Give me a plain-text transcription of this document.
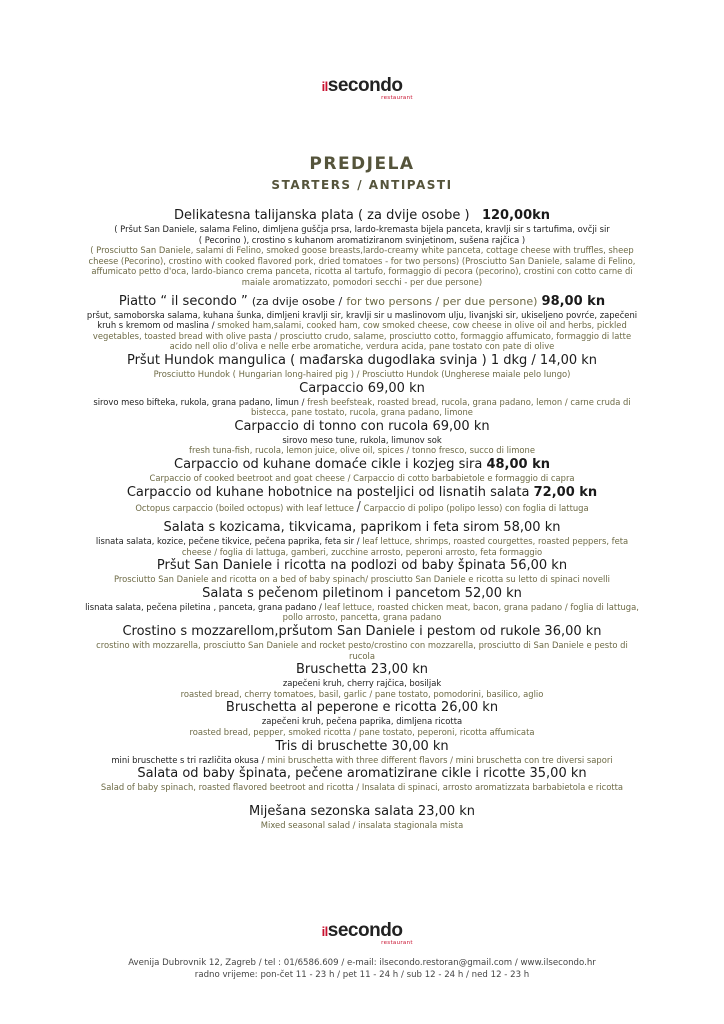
ilsecondo
restaurant
PREDJELA
STARTERS / ANTIPASTI
Delikatesna talijanska plata ( za dvije osobe ) 120,00kn
( Pršut San Daniele, salama Felino, dimljena guščja prsa, lardo-kremasta bijela panceta, kravlji sir s tartufima, ovčji sir ( Pecorino ), crostino s kuhanom aromatiziranom svinjetinom, sušena rajčica )
( Prosciutto San Daniele, salami di Felino, smoked goose breasts,lardo-creamy white panceta, cottage cheese with truffles, sheep cheese (Pecorino), crostino with cooked flavored pork, dried tomatoes - for two persons) (Prosciutto San Daniele, salame di Felino, affumicato petto d'oca, lardo-bianco crema panceta, ricotta al tartufo, formaggio di pecora (pecorino), crostini con cotto carne di maiale aromatizzato, pomodori secchi - per due persone)
Piatto “ il secondo ” (za dvije osobe / for two persons / per due persone) 98,00 kn
pršut, samoborska salama, kuhana šunka, dimljeni kravlji sir, kravlji sir u maslinovom ulju, livanjski sir, ukiseljeno povrće, zapečeni kruh s kremom od maslina / smoked ham,salami, cooked ham, cow smoked cheese, cow cheese in olive oil and herbs, pickled vegetables, toasted bread with olive pasta / prosciutto crudo, salame, prosciutto cotto, formaggio affumicato, formaggio di latte acido nell olio d’oliva e nelle erbe aromatiche, verdura acida, pane tostato con pate di olive
Pršut Hundok mangulica ( mađarska dugodlaka svinja ) 1 dkg / 14,00 kn
Prosciutto Hundok ( Hungarian long-haired pig ) / Prosciutto Hundok (Ungherese maiale pelo lungo)
Carpaccio 69,00 kn
sirovo meso bifteka, rukola, grana padano, limun / fresh beefsteak, roasted bread, rucola, grana padano, lemon / carne cruda di bistecca, pane tostato, rucola, grana padano, limone
Carpaccio di tonno con rucola 69,00 kn
sirovo meso tune, rukola, limunov sok
fresh tuna-fish, rucola, lemon juice, olive oil, spices / tonno fresco, succo di limone
Carpaccio od kuhane domaće cikle i kozjeg sira 48,00 kn
Carpaccio of cooked beetroot and goat cheese / Carpaccio di cotto barbabietole e formaggio di capra
Carpaccio od kuhane hobotnice na posteljici od lisnatih salata 72,00 kn
Octopus carpaccio (boiled octopus) with leaf lettuce / Carpaccio di polipo (polipo lesso) con foglia di lattuga
Salata s kozicama, tikvicama, paprikom i feta sirom 58,00 kn
lisnata salata, kozice, pečene tikvice, pečena paprika, feta sir / leaf lettuce, shrimps, roasted courgettes, roasted peppers, feta cheese / foglia di lattuga, gamberi, zucchine arrosto, peperoni arrosto, feta formaggio
Pršut San Daniele i ricotta na podlozi od baby špinata 56,00 kn
Prosciutto San Daniele and ricotta on a bed of baby spinach/ prosciutto San Daniele e ricotta su letto di spinaci novelli
Salata s pečenom piletinom i pancetom 52,00 kn
lisnata salata, pečena piletina , panceta, grana padano / leaf lettuce, roasted chicken meat, bacon, grana padano / foglia di lattuga, pollo arrosto, pancetta, grana padano
Crostino s mozzarellom,pršutom San Daniele i pestom od rukole 36,00 kn
crostino with mozzarella, prosciutto San Daniele and rocket pesto/crostino con mozzarella, prosciutto di San Daniele e pesto di rucola
Bruschetta 23,00 kn
zapečeni kruh, cherry rajčica, bosiljak
roasted bread, cherry tomatoes, basil, garlic / pane tostato, pomodorini, basilico, aglio
Bruschetta al peperone e ricotta 26,00 kn
zapečeni kruh, pečena paprika, dimljena ricotta
roasted bread, pepper, smoked ricotta / pane tostato, peperoni, ricotta affumicata
Tris di bruschette 30,00 kn
mini bruschette s tri različita okusa / mini bruschetta with three different flavors / mini bruschetta con tre diversi sapori
Salata od baby špinata, pečene aromatizirane cikle i ricotte 35,00 kn
Salad of baby spinach, roasted flavored beetroot and ricotta / Insalata di spinaci, arrosto aromatizzata barbabietola e ricotta
Miješana sezonska salata 23,00 kn
Mixed seasonal salad / insalata stagionala mista
ilsecondo
restaurant
Avenija Dubrovnik 12, Zagreb / tel : 01/6586.609 / e-mail: ilsecondo.restoran@gmail.com / www.ilsecondo.hr
radno vrijeme: pon-čet 11 - 23 h / pet 11 - 24 h / sub 12 - 24 h / ned 12 - 23 h
